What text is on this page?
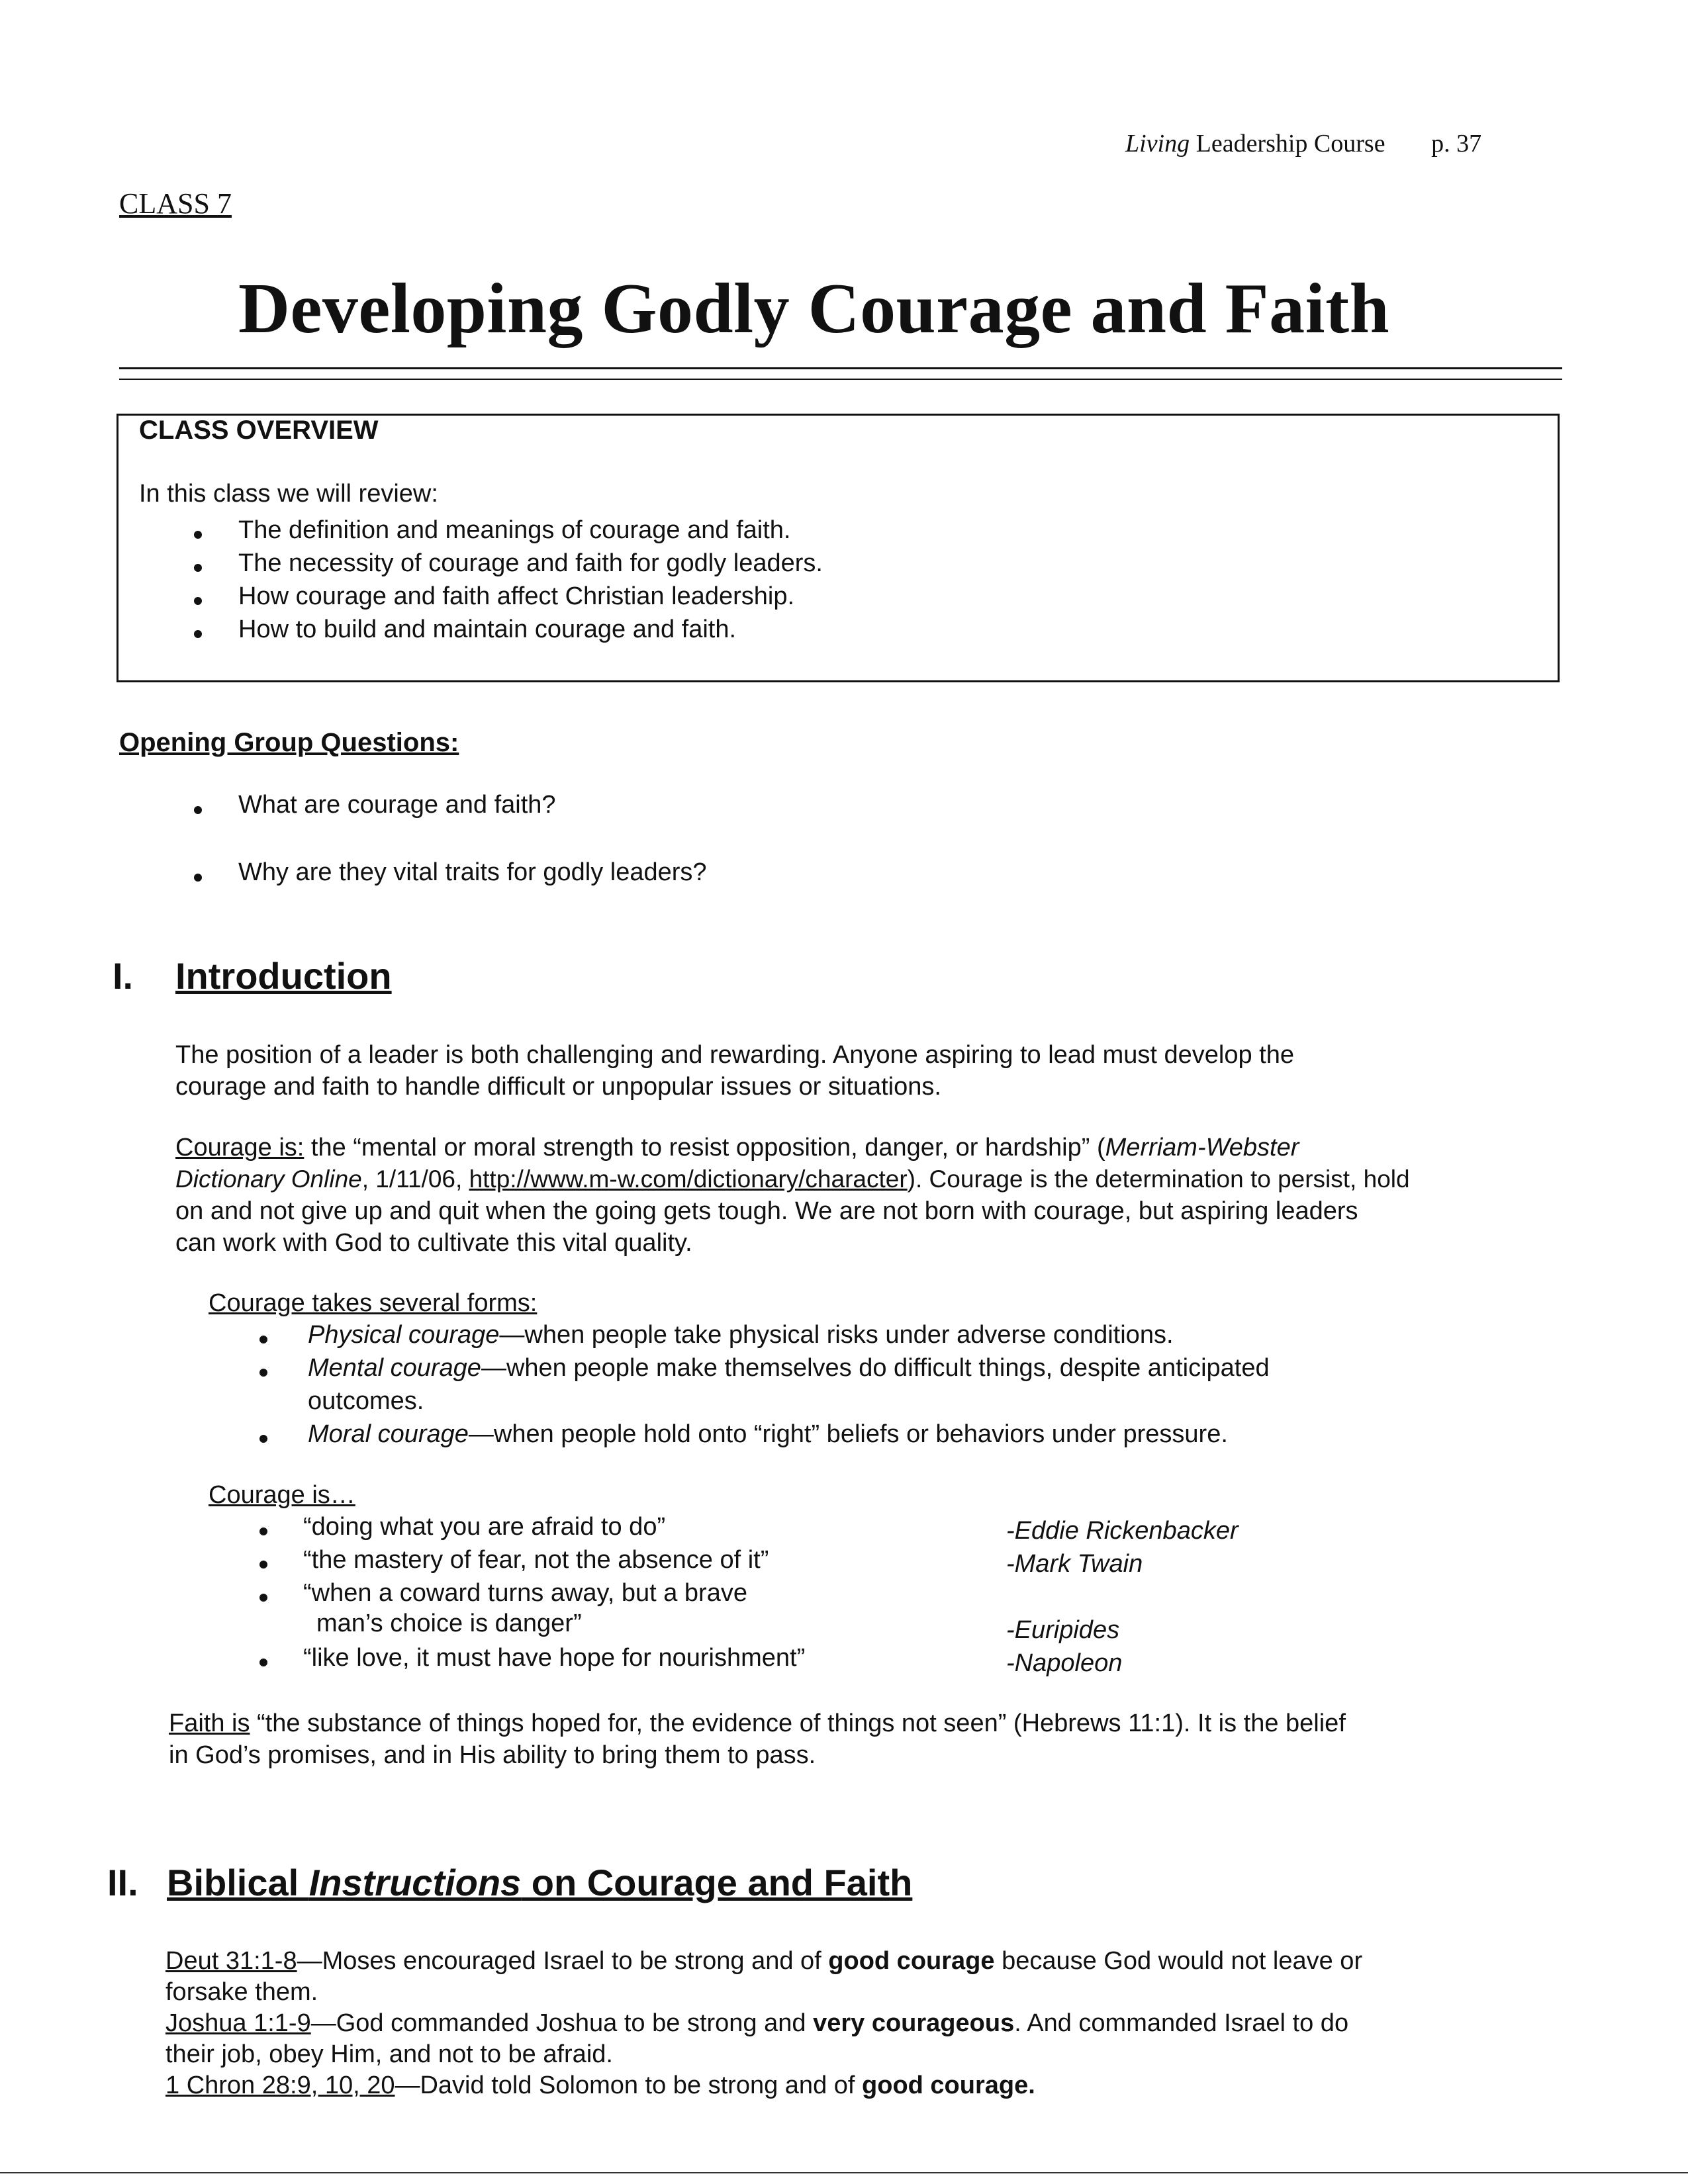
Living Leadership Course p. 37
CLASS 7
Developing Godly Courage and Faith
CLASS OVERVIEW
In this class we will review:
The definition and meanings of courage and faith.
The necessity of courage and faith for godly leaders.
How courage and faith affect Christian leadership.
How to build and maintain courage and faith.
Opening Group Questions:
What are courage and faith?
Why are they vital traits for godly leaders?
I. Introduction
The position of a leader is both challenging and rewarding. Anyone aspiring to lead must develop the
courage and faith to handle difficult or unpopular issues or situations.
Courage is: the “mental or moral strength to resist opposition, danger, or hardship” (Merriam-Webster
Dictionary Online, 1/11/06, http://www.m-w.com/dictionary/character). Courage is the determination to persist, hold
on and not give up and quit when the going gets tough. We are not born with courage, but aspiring leaders
can work with God to cultivate this vital quality.
Courage takes several forms:
Physical courage—when people take physical risks under adverse conditions.
Mental courage—when people make themselves do difficult things, despite anticipated
outcomes.
Moral courage—when people hold onto “right” beliefs or behaviors under pressure.
Courage is…
“doing what you are afraid to do”	-Eddie Rickenbacker
“the mastery of fear, not the absence of it”	-Mark Twain
“when a coward turns away, but a brave
man’s choice is danger”	-Euripides
“like love, it must have hope for nourishment”	-Napoleon
Faith is “the substance of things hoped for, the evidence of things not seen” (Hebrews 11:1). It is the belief
in God’s promises, and in His ability to bring them to pass.
II. Biblical Instructions on Courage and Faith
Deut 31:1-8—Moses encouraged Israel to be strong and of good courage because God would not leave or
forsake them.
Joshua 1:1-9—God commanded Joshua to be strong and very courageous. And commanded Israel to do
their job, obey Him, and not to be afraid.
1 Chron 28:9, 10, 20—David told Solomon to be strong and of good courage.
